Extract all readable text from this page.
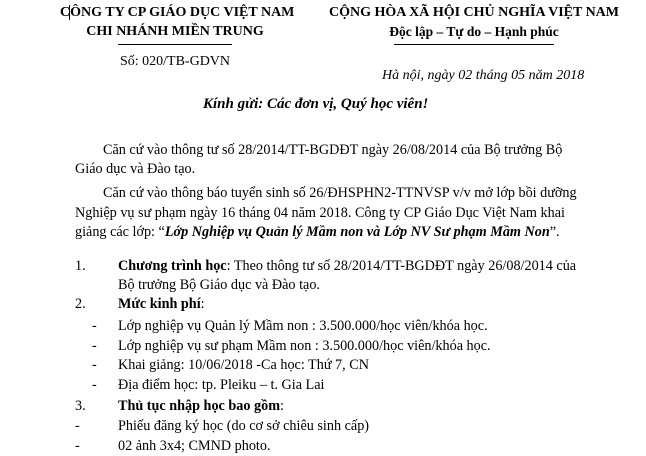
CÔNG TY CP GIÁO DỤC VIỆT NAM
CHI NHÁNH MIỀN TRUNG
Số: 020/TB-GDVN
CỘNG HÒA XÃ HỘI CHỦ NGHĨA VIỆT NAM
Độc lập – Tự do – Hạnh phúc
Hà nội, ngày 02 tháng 05 năm 2018
Kính gửi: Các đơn vị, Quý học viên!
Căn cứ vào thông tư số 28/2014/TT-BGDĐT ngày 26/08/2014 của Bộ trưởng Bộ
Giáo dục và Đào tạo.
Căn cứ vào thông báo tuyển sinh số 26/ĐHSPHN2-TTNVSP v/v mở lớp bồi dưỡng
Nghiệp vụ sư phạm ngày 16 tháng 04 năm 2018. Công ty CP Giáo Dục Việt Nam khai
giảng các lớp: “Lớp Nghiệp vụ Quản lý Mầm non và Lớp NV Sư phạm Mầm Non”.
1. Chương trình học: Theo thông tư số 28/2014/TT-BGDĐT ngày 26/08/2014 của
Bộ trưởng Bộ Giáo dục và Đào tạo.
2. Mức kinh phí:
- Lớp nghiệp vụ Quản lý Mầm non : 3.500.000/học viên/khóa học.
- Lớp nghiệp vụ sư phạm Mầm non : 3.500.000/học viên/khóa học.
- Khai giảng: 10/06/2018 -Ca học: Thứ 7, CN
- Địa điểm học: tp. Pleiku – t. Gia Lai
3. Thủ tục nhập học bao gồm:
-	Phiếu đăng ký học (do cơ sở chiêu sinh cấp)
-	02 ảnh 3x4; CMND photo.
